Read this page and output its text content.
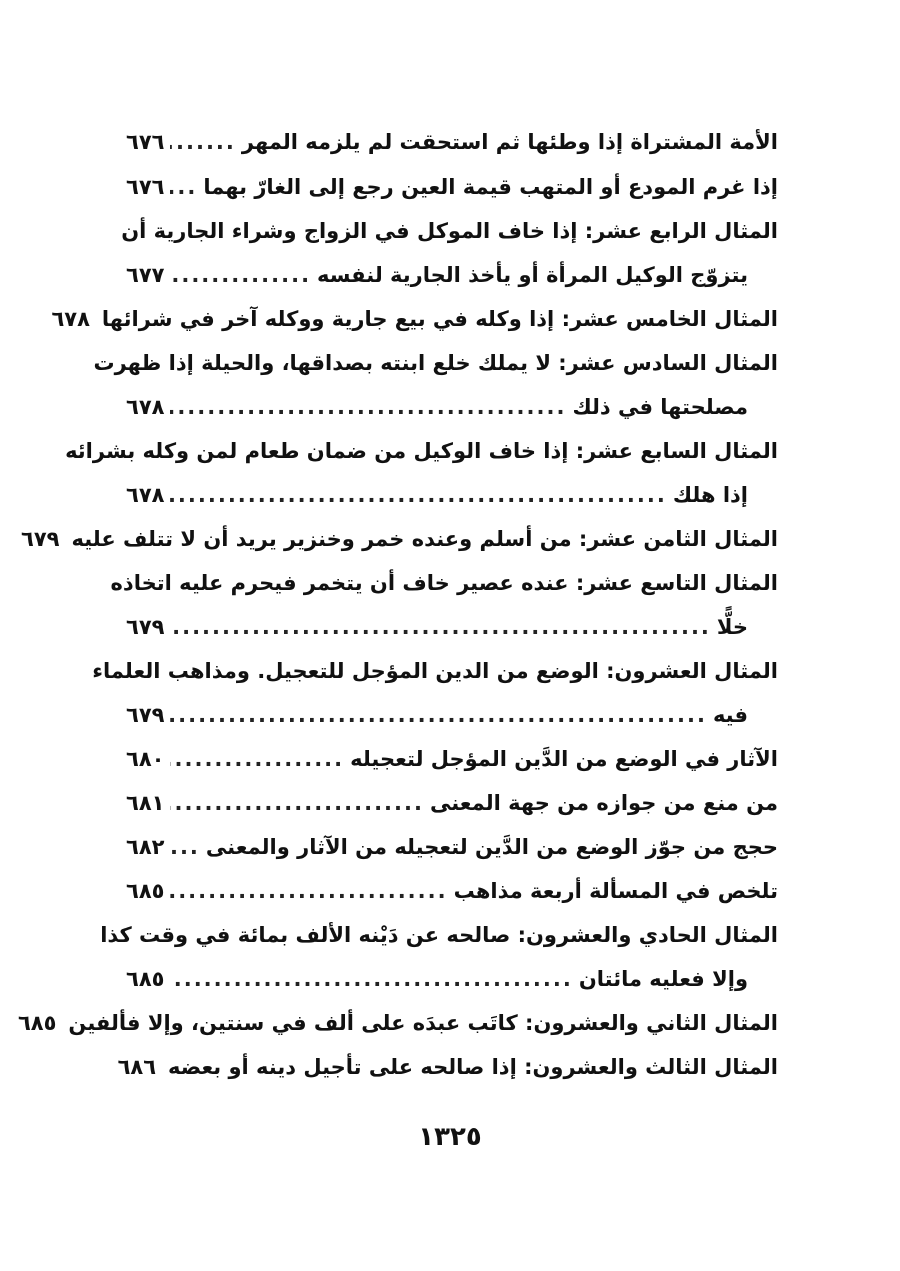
الأمة المشتراة إذا وطئها ثم استحقت لم يلزمه المهر
.....
٦٧٦
إذا غرم المودع أو المتهب قيمة العين رجع إلى الغارّ بهما
.....
٦٧٦
المثال الرابع عشر: إذا خاف الموكل في الزواج وشراء الجارية أن
يتزوّج الوكيل المرأة أو يأخذ الجارية لنفسه
.....
٦٧٧
المثال الخامس عشر: إذا وكله في بيع جارية ووكله آخر في شرائها
٦٧٨
المثال السادس عشر: لا يملك خلع ابنته بصداقها، والحيلة إذا ظهرت
مصلحتها في ذلك
.....
٦٧٨
المثال السابع عشر: إذا خاف الوكيل من ضمان طعام لمن وكله بشرائه
إذا هلك
.....
٦٧٨
المثال الثامن عشر: من أسلم وعنده خمر وخنزير يريد أن لا تتلف عليه
٦٧٩
المثال التاسع عشر: عنده عصير خاف أن يتخمر فيحرم عليه اتخاذه
خلًّا
.....
٦٧٩
المثال العشرون: الوضع من الدين المؤجل للتعجيل. ومذاهب العلماء
فيه
.....
٦٧٩
الآثار في الوضع من الدَّين المؤجل لتعجيله
.....
٦٨٠
من منع من جوازه من جهة المعنى
.....
٦٨١
حجج من جوّز الوضع من الدَّين لتعجيله من الآثار والمعنى
.....
٦٨٢
تلخص في المسألة أربعة مذاهب
.....
٦٨٥
المثال الحادي والعشرون: صالحه عن دَيْنه الألف بمائة في وقت كذا
وإلا فعليه مائتان
.....
٦٨٥
المثال الثاني والعشرون: كاتَب عبدَه على ألف في سنتين، وإلا فألفين
٦٨٥
المثال الثالث والعشرون: إذا صالحه على تأجيل دينه أو بعضه
٦٨٦
١٣٢٥
